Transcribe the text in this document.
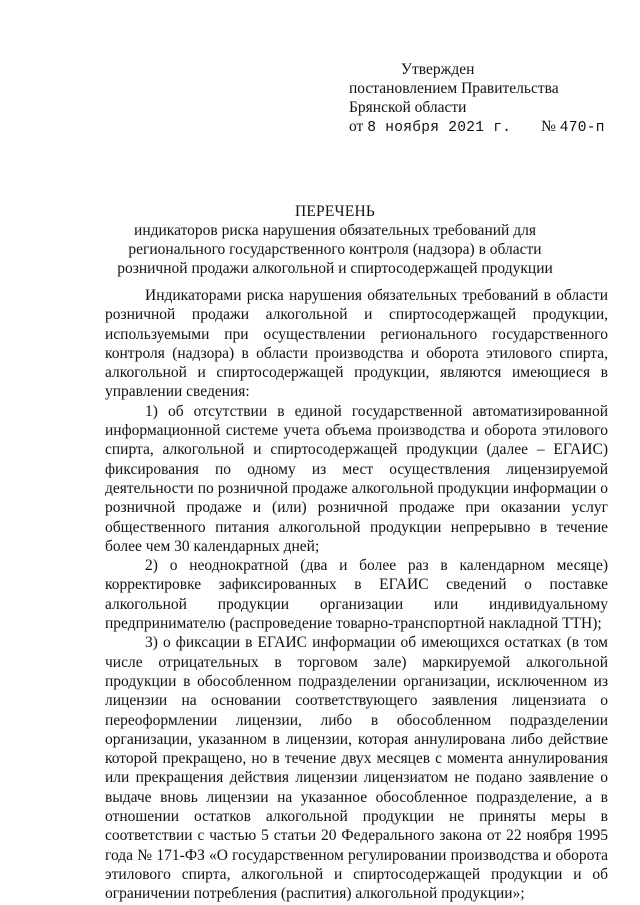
Утвержден
постановлением Правительства
Брянской области
от 8 ноября 2021 г. № 470-п
ПЕРЕЧЕНЬ
индикаторов риска нарушения обязательных требований для регионального государственного контроля (надзора) в области розничной продажи алкогольной и спиртосодержащей продукции

Индикаторами риска нарушения обязательных требований в области розничной продажи алкогольной и спиртосодержащей продукции, используемыми при осуществлении регионального государственного контроля (надзора) в области производства и оборота этилового спирта, алкогольной и спиртосодержащей продукции, являются имеющиеся в управлении сведения:

1) об отсутствии в единой государственной автоматизированной информационной системе учета объема производства и оборота этилового спирта, алкогольной и спиртосодержащей продукции (далее – ЕГАИС) фиксирования по одному из мест осуществления лицензируемой деятельности по розничной продаже алкогольной продукции информации о розничной продаже и (или) розничной продаже при оказании услуг общественного питания алкогольной продукции непрерывно в течение более чем 30 календарных дней;

2) о неоднократной (два и более раз в календарном месяце) корректировке зафиксированных в ЕГАИС сведений о поставке алкогольной продукции организации или индивидуальному предпринимателю (распроведение товарно-транспортной накладной ТТН);

3) о фиксации в ЕГАИС информации об имеющихся остатках (в том числе отрицательных в торговом зале) маркируемой алкогольной продукции в обособленном подразделении организации, исключенном из лицензии на основании соответствующего заявления лицензиата о переоформлении лицензии, либо в обособленном подразделении организации, указанном в лицензии, которая аннулирована либо действие которой прекращено, но в течение двух месяцев с момента аннулирования или прекращения действия лицензии лицензиатом не подано заявление о выдаче вновь лицензии на указанное обособленное подразделение, а в отношении остатков алкогольной продукции не приняты меры в соответствии с частью 5 статьи 20 Федерального закона от 22 ноября 1995 года № 171-ФЗ «О государственном регулировании производства и оборота этилового спирта, алкогольной и спиртосодержащей продукции и об ограничении потребления (распития) алкогольной продукции»;
